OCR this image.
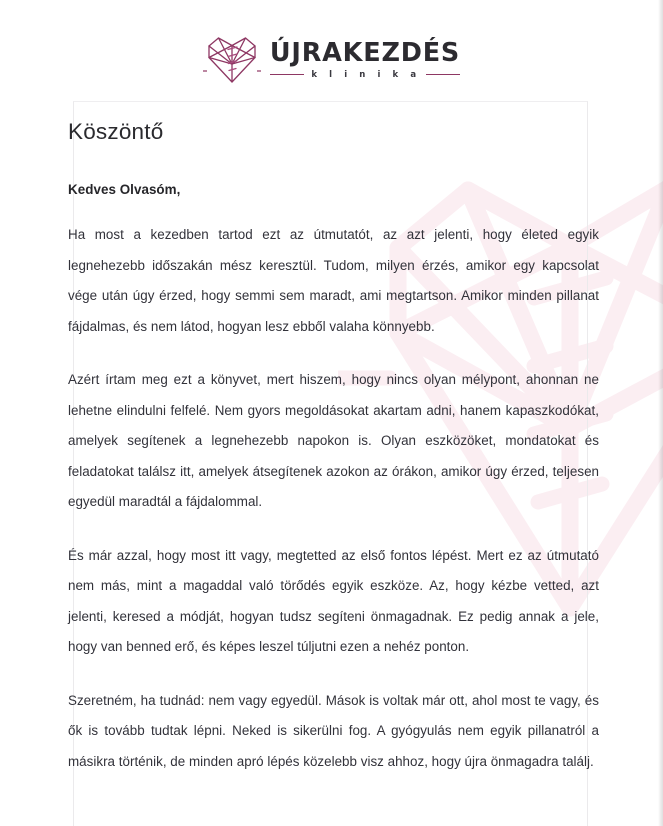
ÚJRAKEZDÉS
k l i n i k a
Köszöntő

Kedves Olvasóm,

Ha most a kezedben tartod ezt az útmutatót, az azt jelenti, hogy életed egyik legnehezebb időszakán mész keresztül. Tudom, milyen érzés, amikor egy kapcsolat vége után úgy érzed, hogy semmi sem maradt, ami megtartson. Amikor minden pillanat fájdalmas, és nem látod, hogyan lesz ebből valaha könnyebb.

Azért írtam meg ezt a könyvet, mert hiszem, hogy nincs olyan mélypont, ahonnan ne lehetne elindulni felfelé. Nem gyors megoldásokat akartam adni, hanem kapaszkodókat, amelyek segítenek a legnehezebb napokon is. Olyan eszközöket, mondatokat és feladatokat találsz itt, amelyek átsegítenek azokon az órákon, amikor úgy érzed, teljesen egyedül maradtál a fájdalommal.

És már azzal, hogy most itt vagy, megtetted az első fontos lépést. Mert ez az útmutató nem más, mint a magaddal való törődés egyik eszköze. Az, hogy kézbe vetted, azt jelenti, keresed a módját, hogyan tudsz segíteni önmagadnak. Ez pedig annak a jele, hogy van benned erő, és képes leszel túljutni ezen a nehéz ponton.

Szeretném, ha tudnád: nem vagy egyedül. Mások is voltak már ott, ahol most te vagy, és ők is tovább tudtak lépni. Neked is sikerülni fog. A gyógyulás nem egyik pillanatról a másikra történik, de minden apró lépés közelebb visz ahhoz, hogy újra önmagadra találj.
